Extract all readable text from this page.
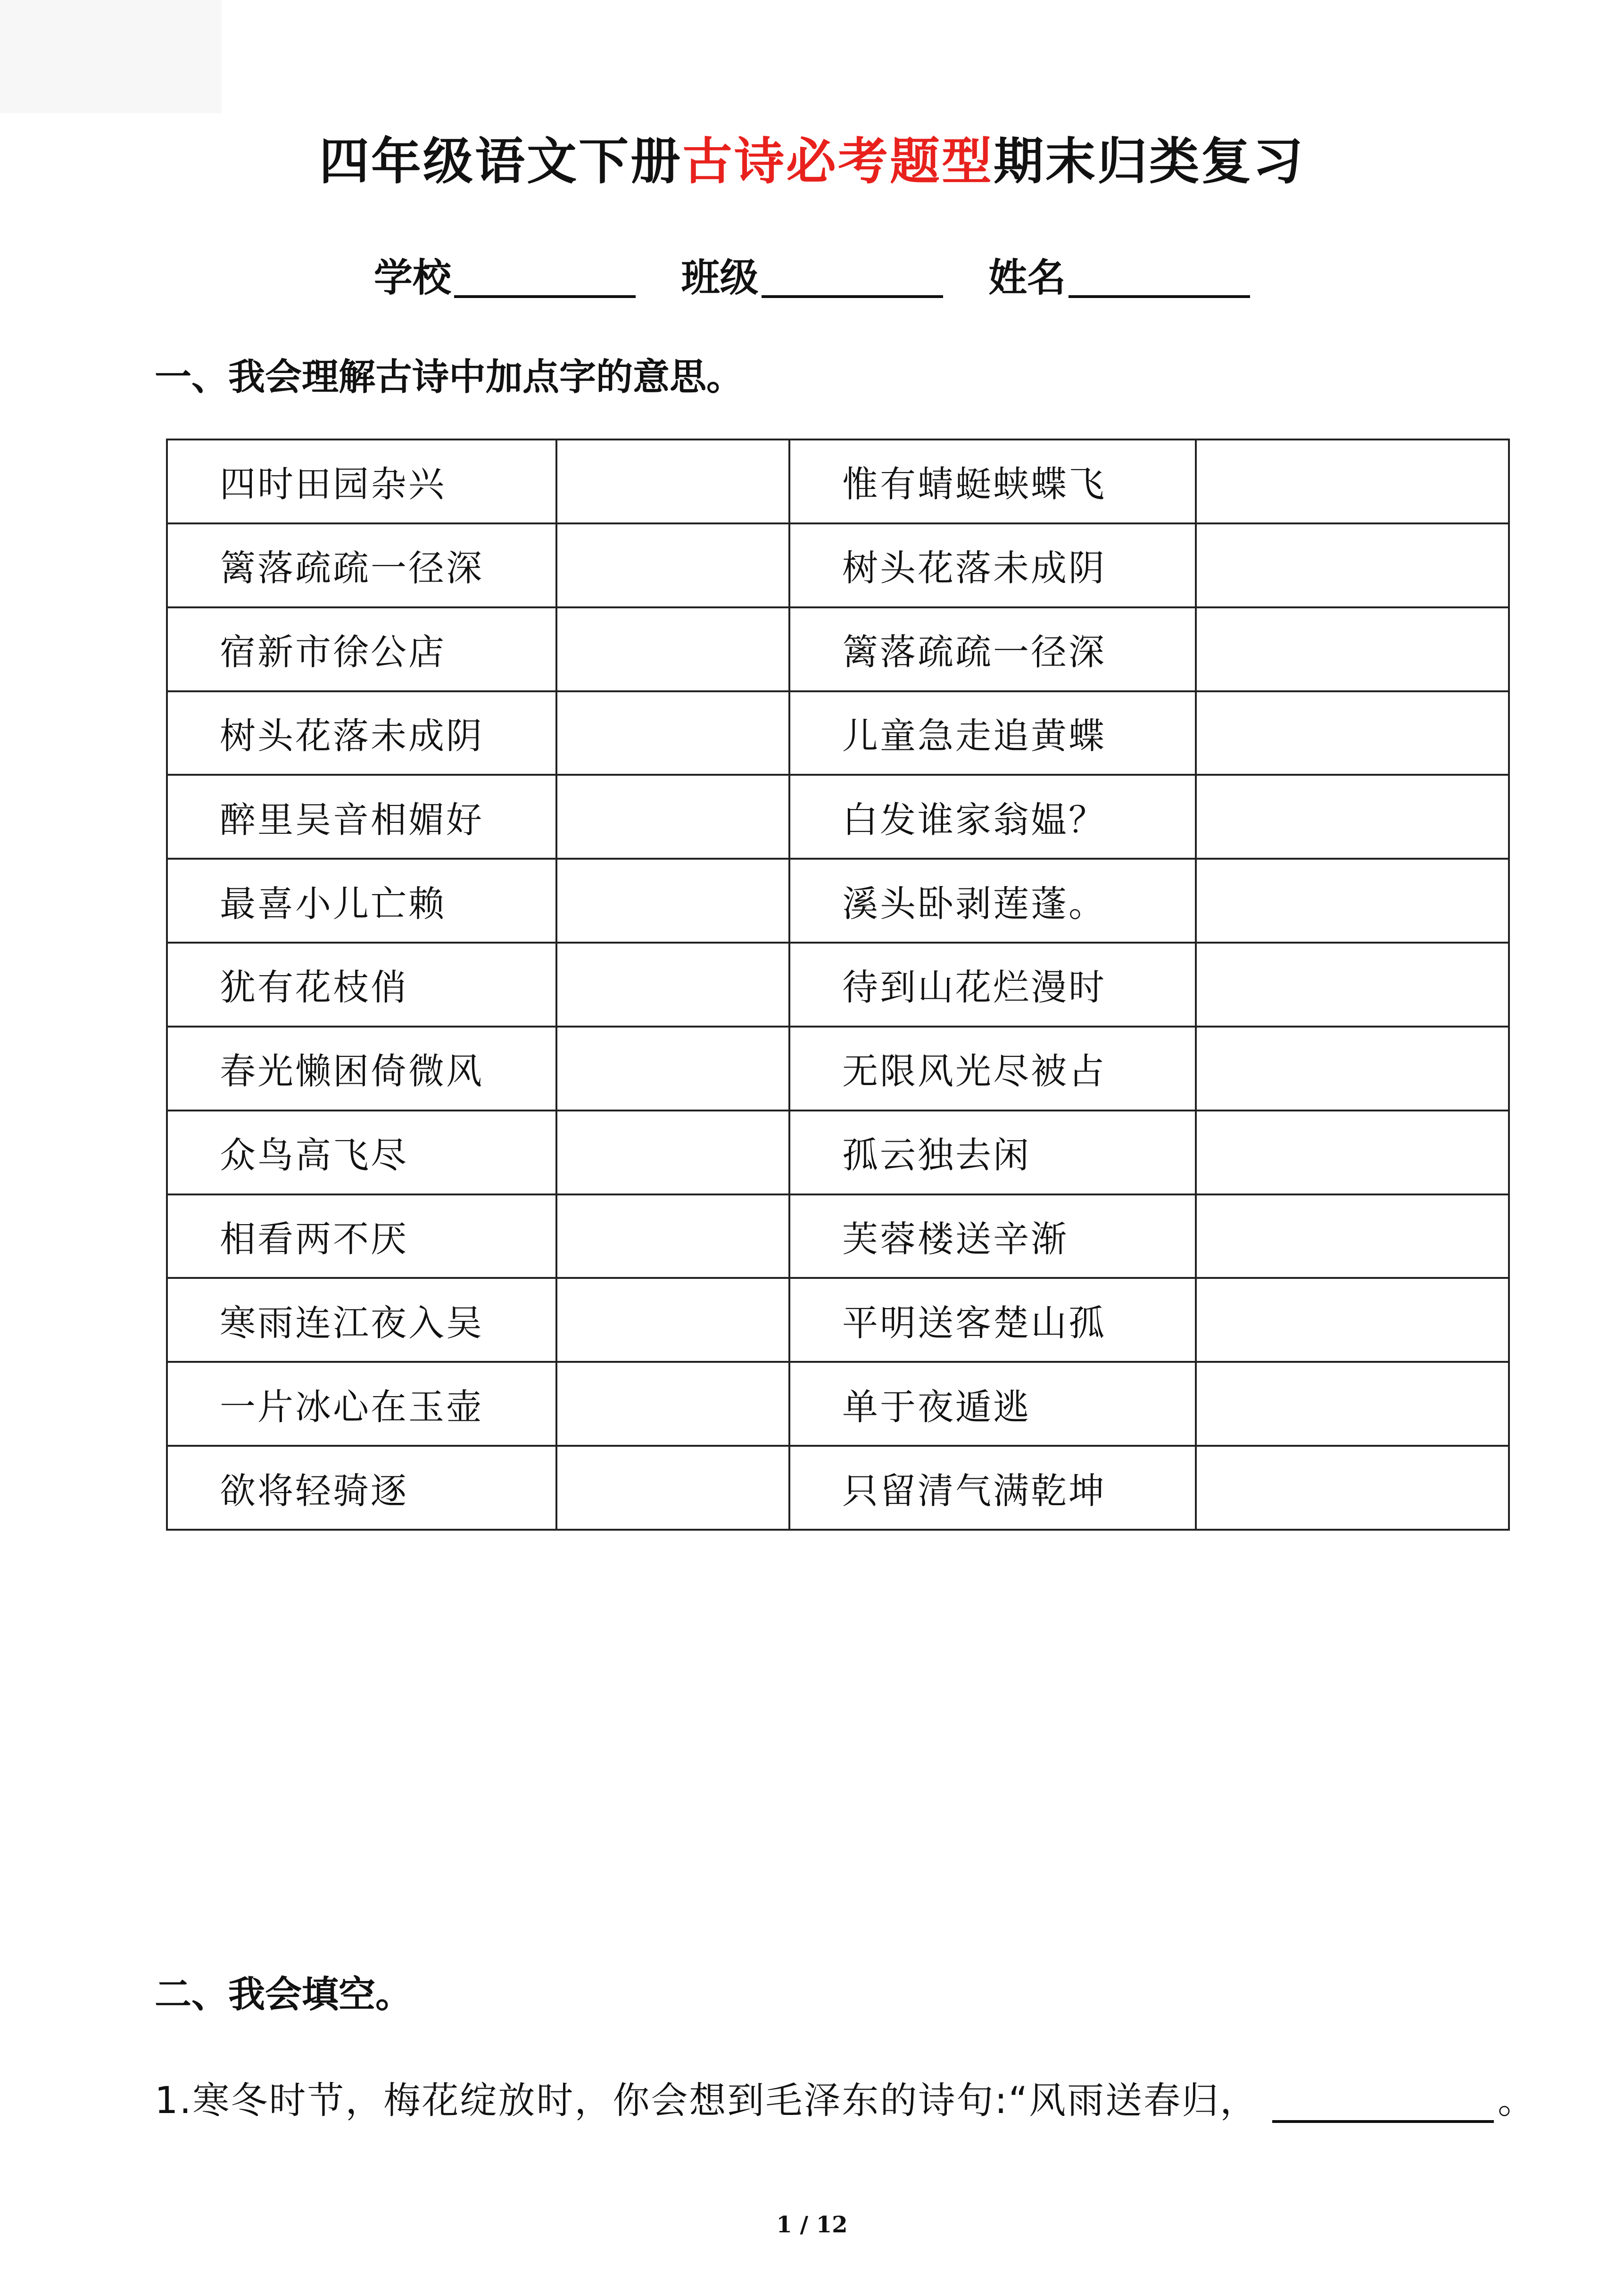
四年级语文下册古诗必考题型期末归类复习
学校	班级	姓名
一、我会理解古诗中加点字的意思。
四时田园杂兴		惟有蜻蜓蛱蝶飞	
篱落疏疏一径深		树头花落未成阴	
宿新市徐公店		篱落疏疏一径深	
树头花落未成阴		儿童急走追黄蝶	
醉里吴音相媚好		白发谁家翁媪？	
最喜小儿亡赖		溪头卧剥莲蓬。	
犹有花枝俏		待到山花烂漫时	
春光懒困倚微风		无限风光尽被占	
众鸟高飞尽		孤云独去闲	
相看两不厌		芙蓉楼送辛渐	
寒雨连江夜入吴		平明送客楚山孤	
一片冰心在玉壶		单于夜遁逃	
欲将轻骑逐		只留清气满乾坤	
二、我会填空。
1.寒冬时节，梅花绽放时，你会想到毛泽东的诗句:“风雨送春归，	。
1 / 12
